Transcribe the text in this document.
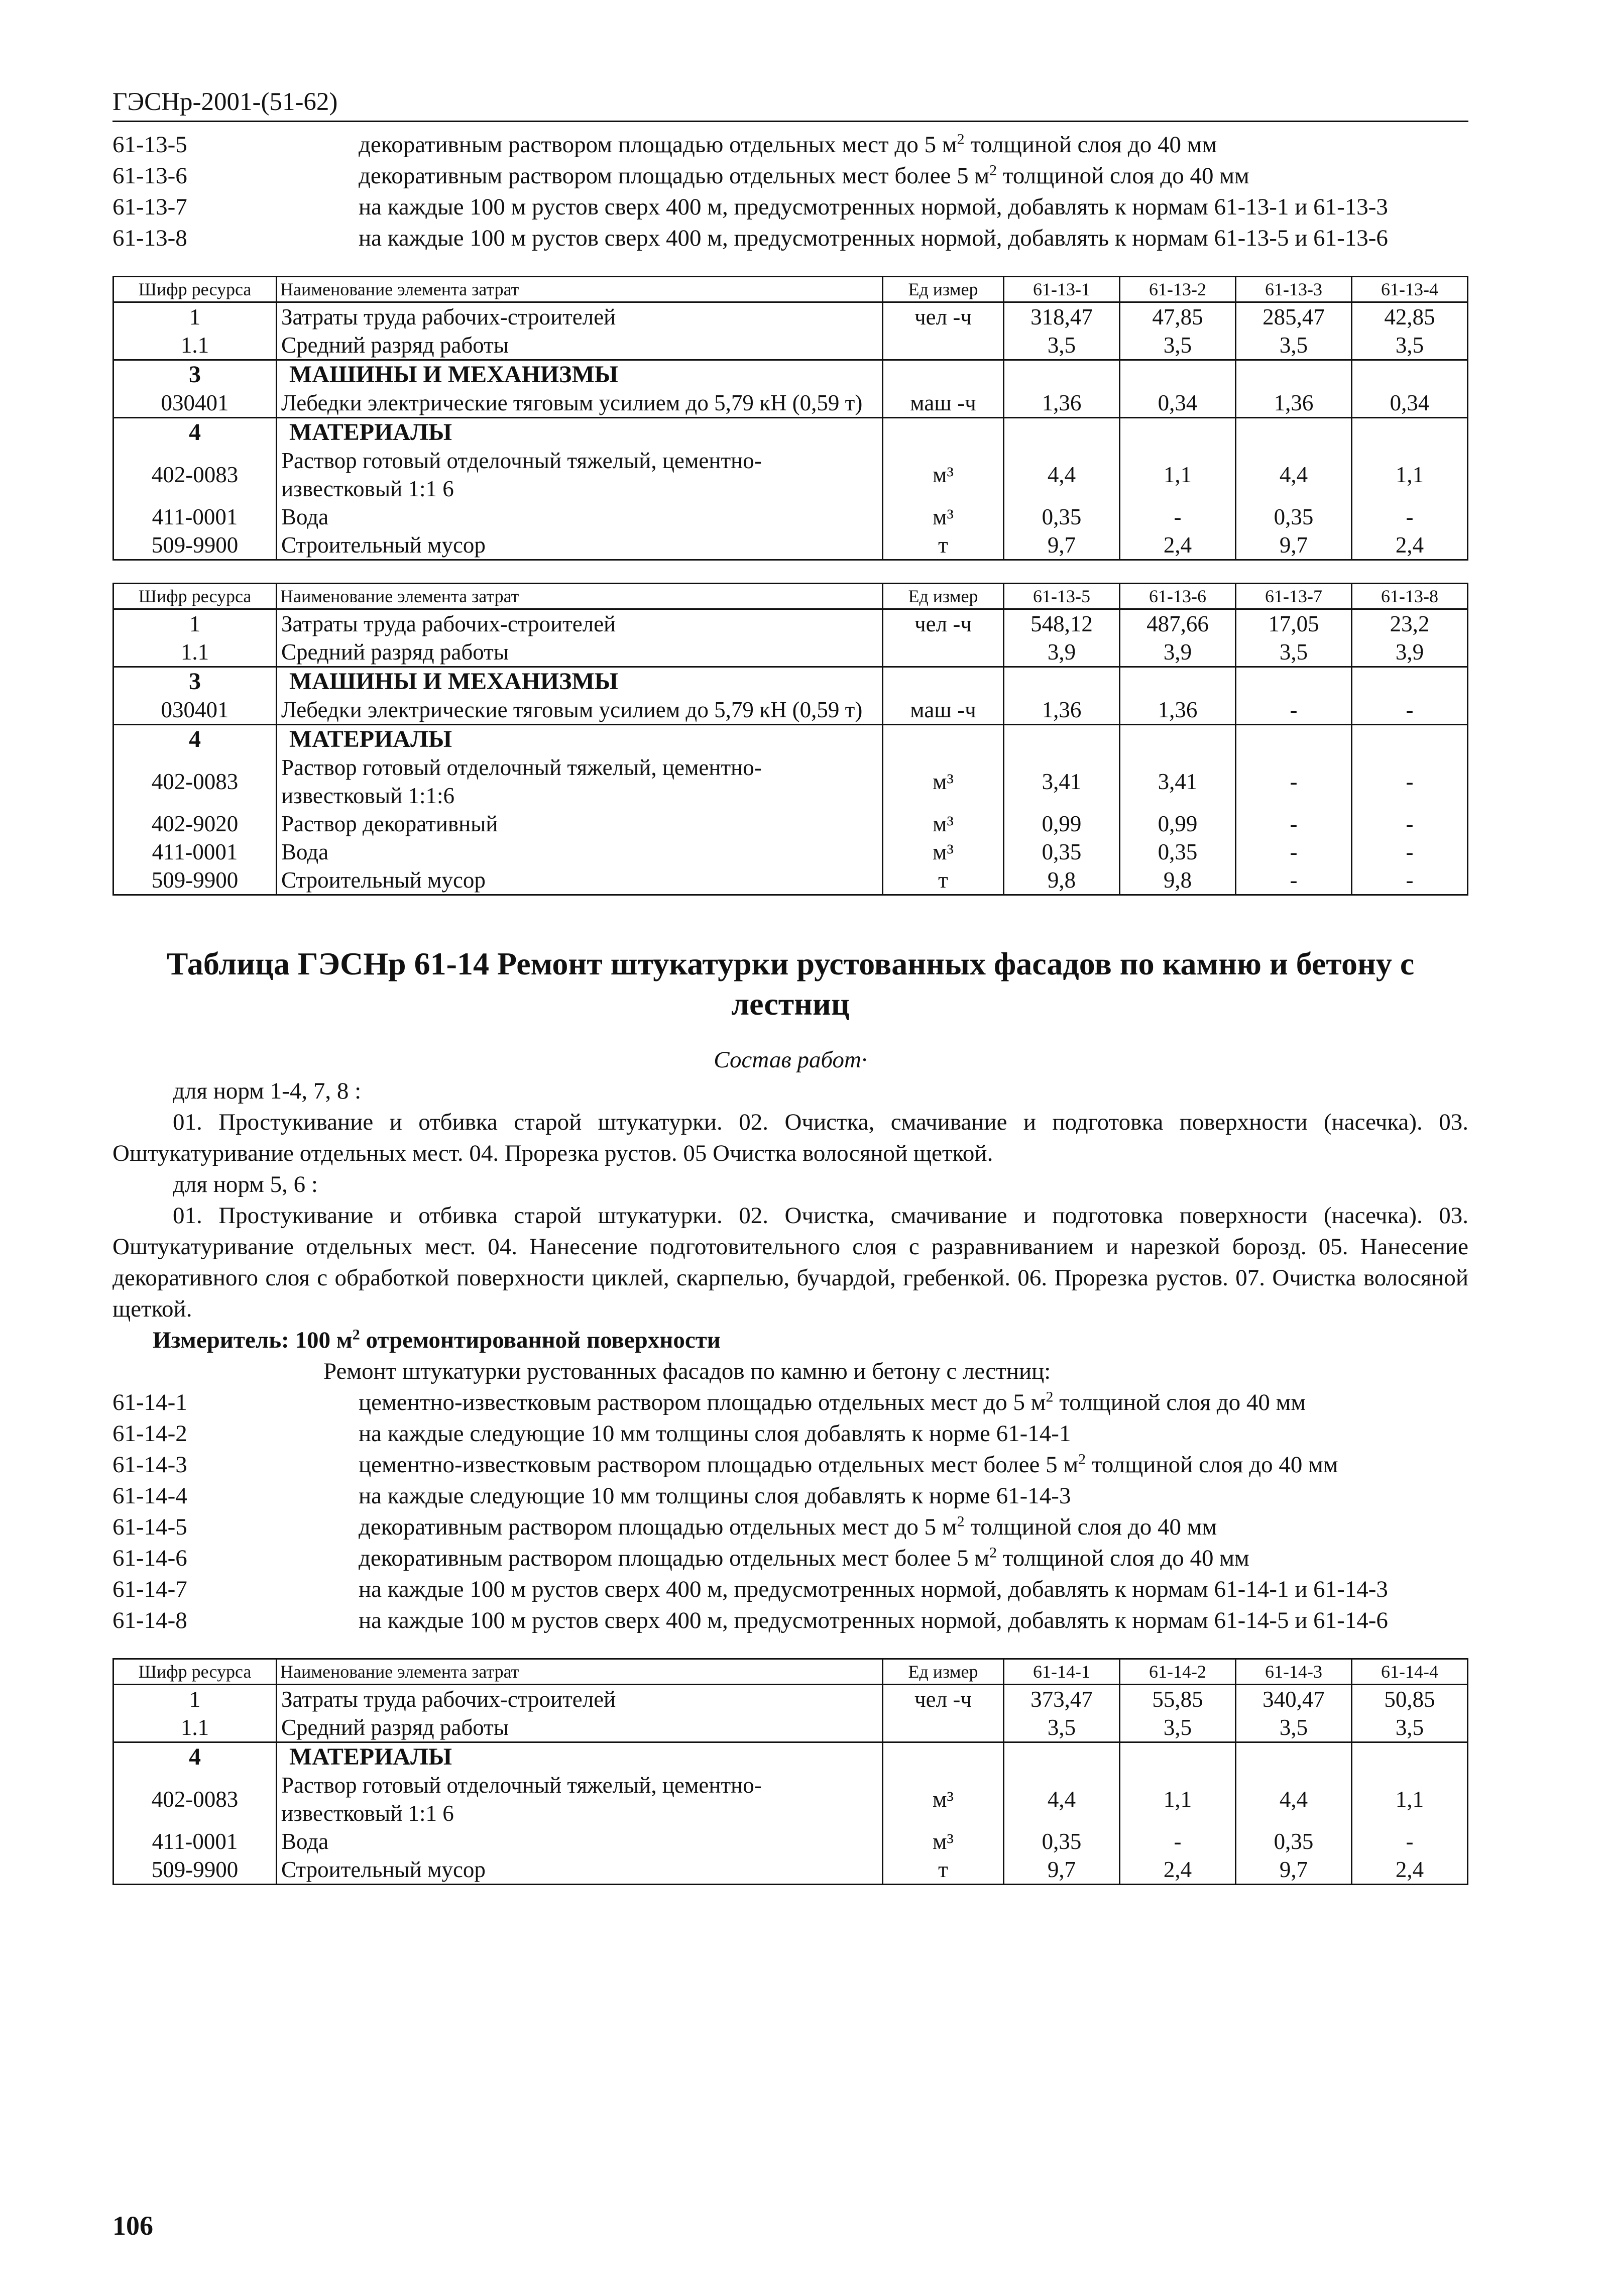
ГЭСНр-2001-(51-62)
61-13-5	декоративным раствором площадью отдельных мест до 5 $м^2$ толщиной слоя до 40 мм
61-13-6	декоративным раствором площадью отдельных мест более 5 $м^2$ толщиной слоя до 40 мм
61-13-7	на каждые 100 м рустов сверх 400 м, предусмотренных нормой, добавлять к нормам 61-13-1 и 61-13-3
61-13-8	на каждые 100 м рустов сверх 400 м, предусмотренных нормой, добавлять к нормам 61-13-5 и 61-13-6
Шифр ресурса	Наименование элемента затрат	Ед измер	61-13-1	61-13-2	61-13-3	61-13-4
1	Затраты труда рабочих-строителей	чел -ч	318,47	47,85	285,47	42,85
1.1	Средний разряд работы		3,5	3,5	3,5	3,5
3	МАШИНЫ И МЕХАНИЗМЫ					
030401	Лебедки электрические тяговым усилием до 5,79 кН (0,59 т)	маш -ч	1,36	0,34	1,36	0,34
4	МАТЕРИАЛЫ					
402-0083	Раствор готовый отделочный тяжелый, цементно-известковый 1:1 6	м³	4,4	1,1	4,4	1,1
411-0001	Вода	м³	0,35	-	0,35	-
509-9900	Строительный мусор	т	9,7	2,4	9,7	2,4
Шифр ресурса	Наименование элемента затрат	Ед измер	61-13-5	61-13-6	61-13-7	61-13-8
1	Затраты труда рабочих-строителей	чел -ч	548,12	487,66	17,05	23,2
1.1	Средний разряд работы		3,9	3,9	3,5	3,9
3	МАШИНЫ И МЕХАНИЗМЫ					
030401	Лебедки электрические тяговым усилием до 5,79 кН (0,59 т)	маш -ч	1,36	1,36	-	-
4	МАТЕРИАЛЫ					
402-0083	Раствор готовый отделочный тяжелый, цементно-известковый 1:1:6	м³	3,41	3,41	-	-
402-9020	Раствор декоративный	м³	0,99	0,99	-	-
411-0001	Вода	м³	0,35	0,35	-	-
509-9900	Строительный мусор	т	9,8	9,8	-	-
Таблица ГЭСНр 61-14 Ремонт штукатурки рустованных фасадов по камню и бетону с лестниц
Состав работ·
для норм 1-4, 7, 8 :
01. Простукивание и отбивка старой штукатурки. 02. Очистка, смачивание и подготовка поверхности (насечка). 03. Оштукатуривание отдельных мест. 04. Прорезка рустов. 05 Очистка волосяной щеткой.
для норм 5, 6 :
01. Простукивание и отбивка старой штукатурки. 02. Очистка, смачивание и подготовка поверхности (насечка). 03. Оштукатуривание отдельных мест. 04. Нанесение подготовительного слоя с разравниванием и нарезкой борозд. 05. Нанесение декоративного слоя с обработкой поверхности циклей, скарпелью, бучардой, гребенкой. 06. Прорезка рустов. 07. Очистка волосяной щеткой.
Измеритель: 100 $м^2$ отремонтированной поверхности
Ремонт штукатурки рустованных фасадов по камню и бетону с лестниц:
61-14-1	цементно-известковым раствором площадью отдельных мест до 5 $м^2$ толщиной слоя до 40 мм
61-14-2	на каждые следующие 10 мм толщины слоя добавлять к норме 61-14-1
61-14-3	цементно-известковым раствором площадью отдельных мест более 5 $м^2$ толщиной слоя до 40 мм
61-14-4	на каждые следующие 10 мм толщины слоя добавлять к норме 61-14-3
61-14-5	декоративным раствором площадью отдельных мест до 5 $м^2$ толщиной слоя до 40 мм
61-14-6	декоративным раствором площадью отдельных мест более 5 $м^2$ толщиной слоя до 40 мм
61-14-7	на каждые 100 м рустов сверх 400 м, предусмотренных нормой, добавлять к нормам 61-14-1 и 61-14-3
61-14-8	на каждые 100 м рустов сверх 400 м, предусмотренных нормой, добавлять к нормам 61-14-5 и 61-14-6
Шифр ресурса	Наименование элемента затрат	Ед измер	61-14-1	61-14-2	61-14-3	61-14-4
1	Затраты труда рабочих-строителей	чел -ч	373,47	55,85	340,47	50,85
1.1	Средний разряд работы		3,5	3,5	3,5	3,5
4	МАТЕРИАЛЫ					
402-0083	Раствор готовый отделочный тяжелый, цементно-известковый 1:1 6	м³	4,4	1,1	4,4	1,1
411-0001	Вода	м³	0,35	-	0,35	-
509-9900	Строительный мусор	т	9,7	2,4	9,7	2,4
106
